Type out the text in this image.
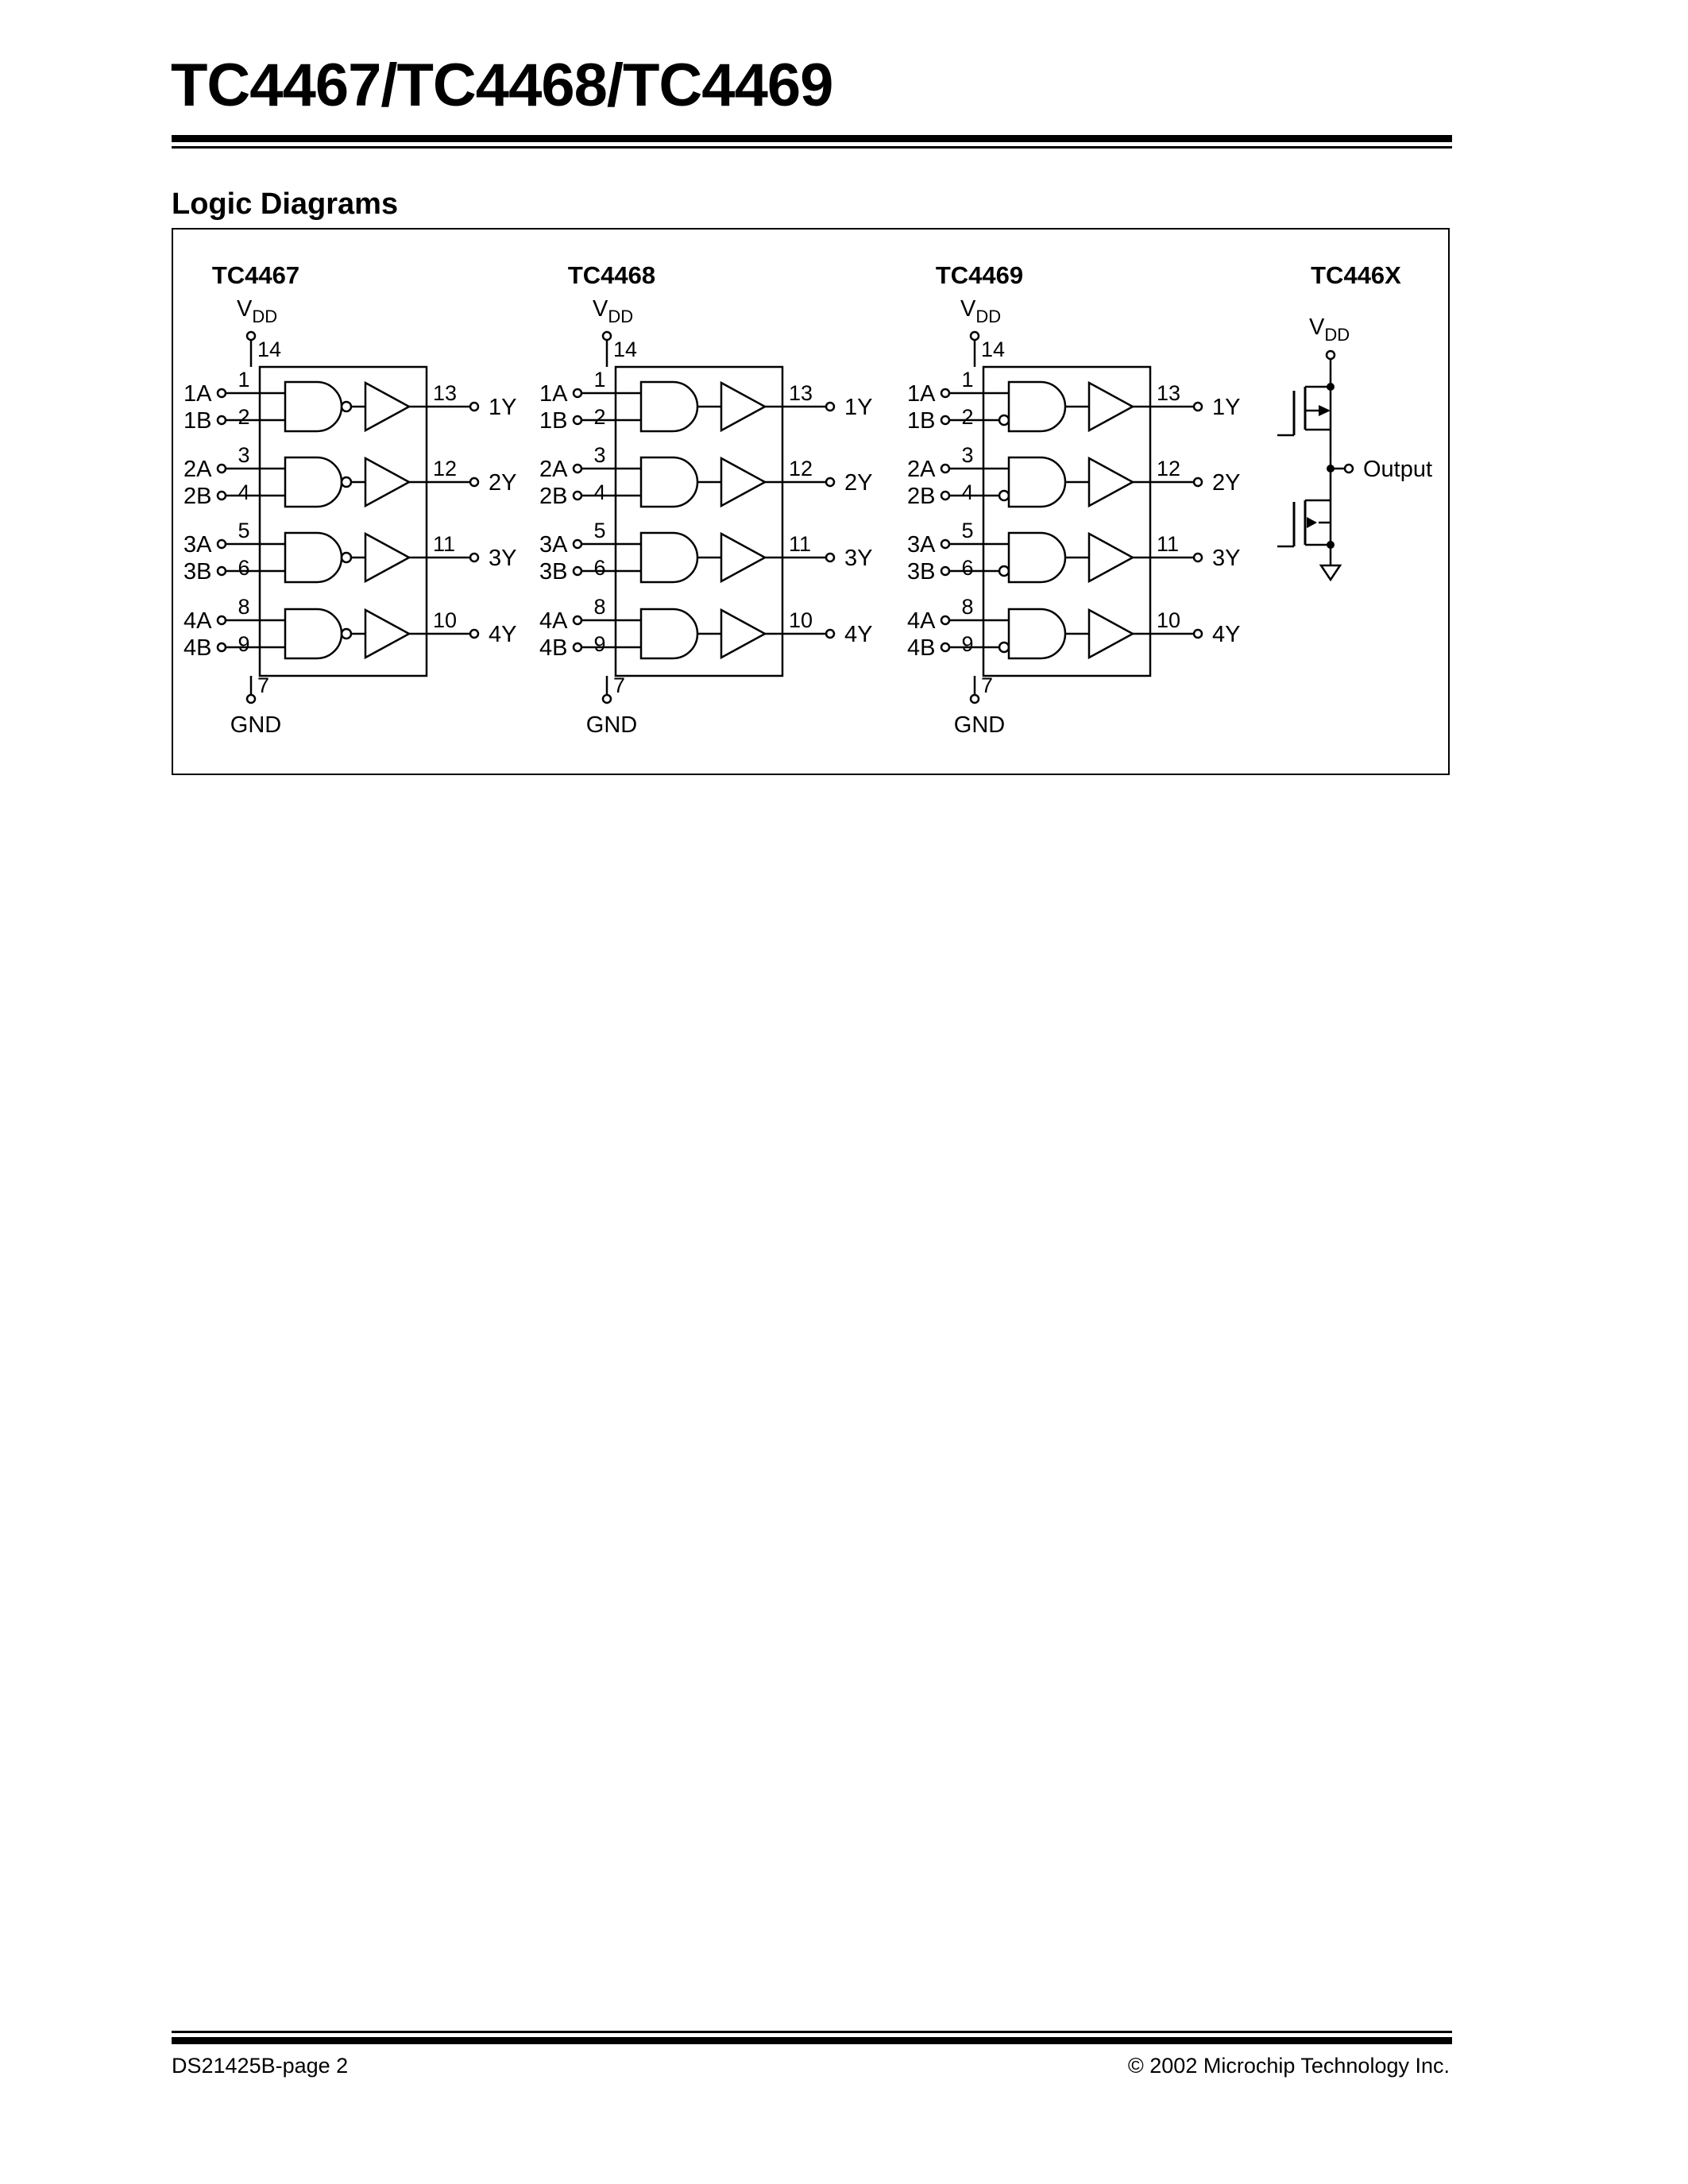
TC4467/TC4468/TC4469
Logic Diagrams
TC4467
$V_{DD}$
14
1A
1B
1
2
13
1Y
2A
2B
3
4
12
2Y
3A
3B
5
6
11
3Y
4A
4B
8
9
10
4Y
7
GND
TC4468
$V_{DD}$
14
1A
1B
1
2
13
1Y
2A
2B
3
4
12
2Y
3A
3B
5
6
11
3Y
4A
4B
8
9
10
4Y
7
GND
TC4469
$V_{DD}$
14
1A
1B
1
2
13
1Y
2A
2B
3
4
12
2Y
3A
3B
5
6
11
3Y
4A
4B
8
9
10
4Y
7
GND
TC446X
$V_{DD}$
Output
DS21425B-page 2	© 2002 Microchip Technology Inc.
